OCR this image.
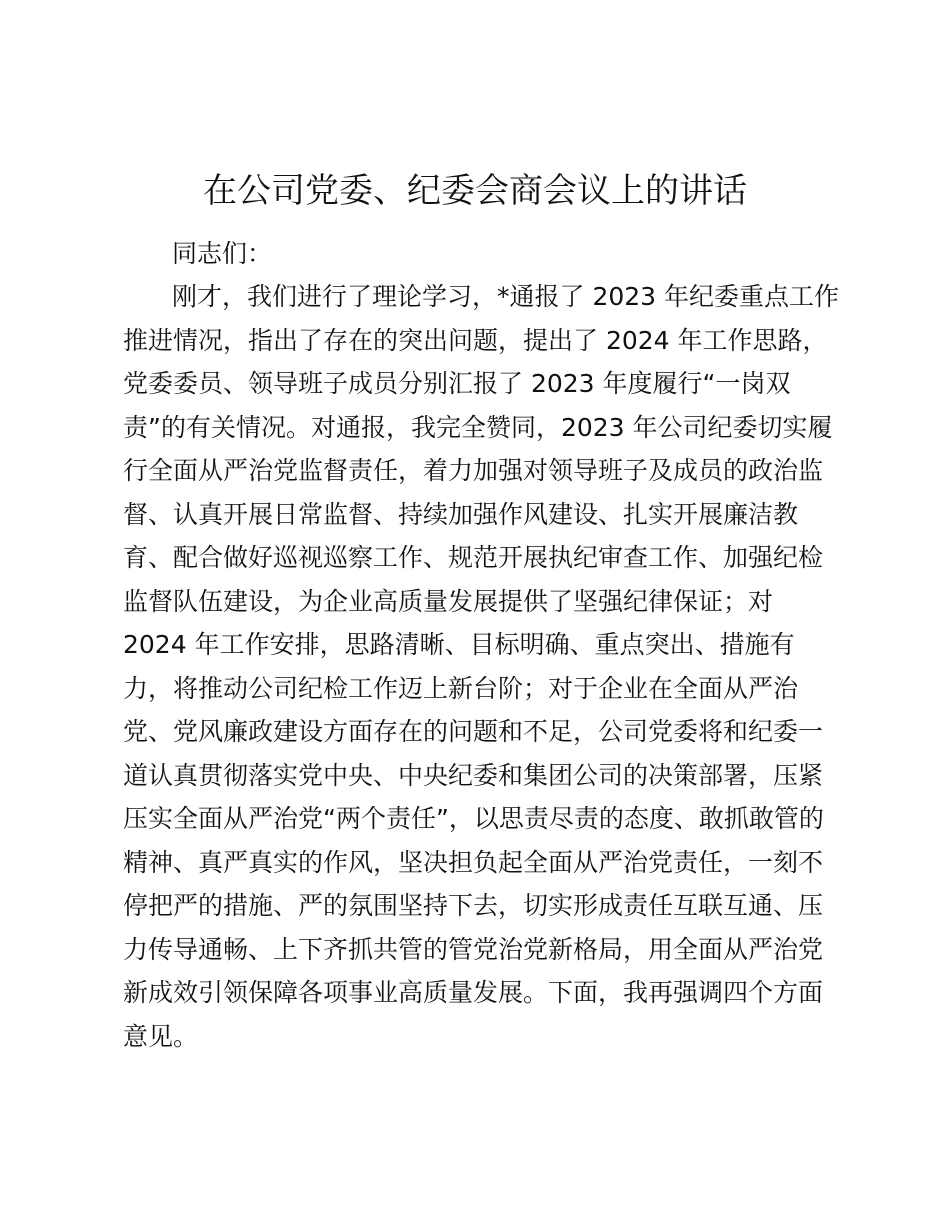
在公司党委、纪委会商会议上的讲话
同志们：
刚才，我们进行了理论学习，*通报了 2023 年纪委重点工作
推进情况，指出了存在的突出问题，提出了 2024 年工作思路，
党委委员、领导班子成员分别汇报了 2023 年度履行“一岗双
责”的有关情况。对通报，我完全赞同，2023 年公司纪委切实履
行全面从严治党监督责任，着力加强对领导班子及成员的政治监
督、认真开展日常监督、持续加强作风建设、扎实开展廉洁教
育、配合做好巡视巡察工作、规范开展执纪审查工作、加强纪检
监督队伍建设，为企业高质量发展提供了坚强纪律保证；对
2024 年工作安排，思路清晰、目标明确、重点突出、措施有
力，将推动公司纪检工作迈上新台阶；对于企业在全面从严治
党、党风廉政建设方面存在的问题和不足，公司党委将和纪委一
道认真贯彻落实党中央、中央纪委和集团公司的决策部署，压紧
压实全面从严治党“两个责任”，以思责尽责的态度、敢抓敢管的
精神、真严真实的作风，坚决担负起全面从严治党责任，一刻不
停把严的措施、严的氛围坚持下去，切实形成责任互联互通、压
力传导通畅、上下齐抓共管的管党治党新格局，用全面从严治党
新成效引领保障各项事业高质量发展。下面，我再强调四个方面
意见。
